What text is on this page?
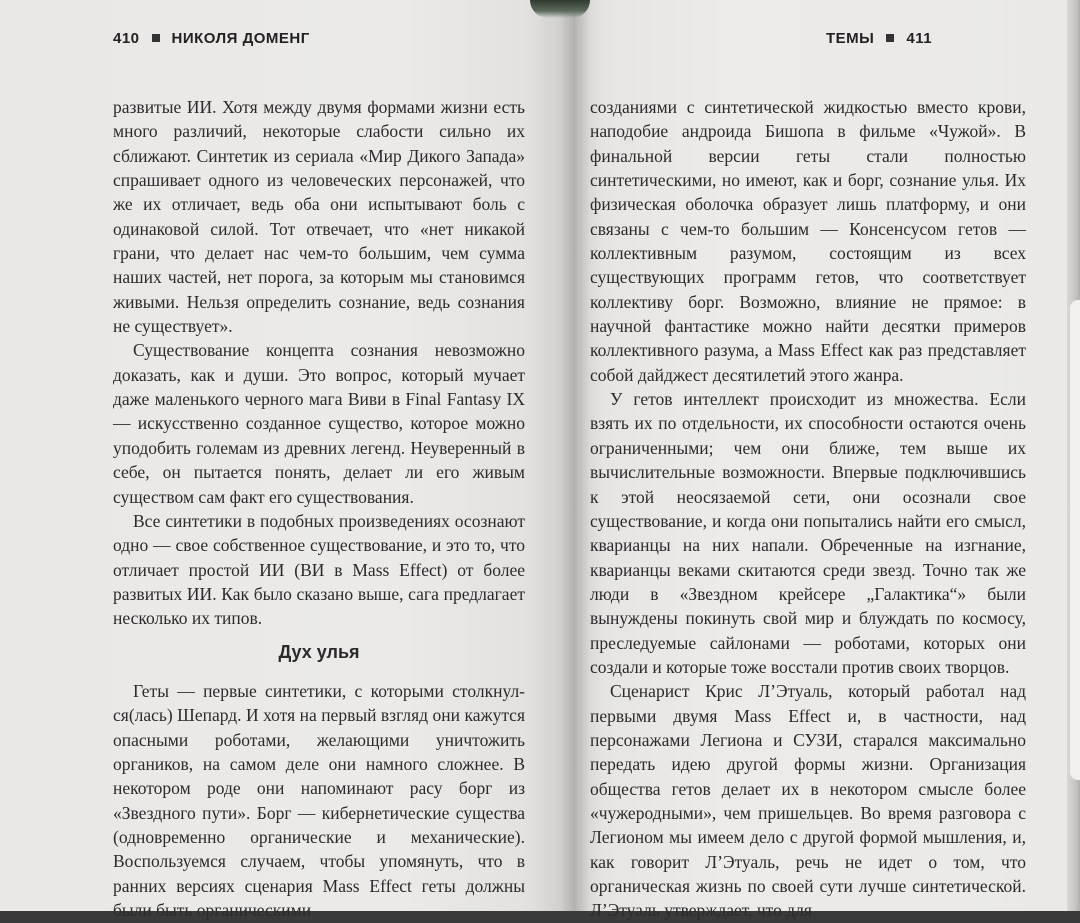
410 НИКОЛЯ ДОМЕНГ

развитые ИИ. Хотя между двумя формами жизни есть много различий, некоторые слабости сильно их сближают. Синтетик из сериала «Мир Дикого Запада» спрашивает одного из человеческих персонажей, что же их отличает, ведь оба они испытывают боль с одинаковой силой. Тот отвечает, что «нет никакой грани, что делает нас чем-то большим, чем сумма наших частей, нет порога, за которым мы становимся живыми. Нельзя определить сознание, ведь сознания не существует».

Существование концепта сознания невозможно доказать, как и души. Это вопрос, который мучает даже маленького черного мага Виви в Final Fantasy IX — искусственно созданное существо, которое можно уподобить големам из древних легенд. Неуверенный в себе, он пытается понять, делает ли его живым существом сам факт его существования.

Все синтетики в подобных произведениях осознают одно — свое собственное существование, и это то, что отличает простой ИИ (ВИ в Mass Effect) от более развитых ИИ. Как было сказано выше, сага предлагает несколько их типов.

Дух улья

Геты — первые синтетики, с которыми столкнул-ся(лась) Шепард. И хотя на первый взгляд они кажутся опасными роботами, желающими уничтожить органиков, на самом деле они намного сложнее. В некотором роде они напоминают расу борг из «Звездного пути». Борг — кибернетические существа (одновременно органические и механические). Воспользуемся случаем, чтобы упомянуть, что в ранних версиях сценария Mass Effect геты должны были быть органическими

ТЕМЫ 411

созданиями с синтетической жидкостью вместо крови, наподобие андроида Бишопа в фильме «Чужой». В финальной версии геты стали полностью синтетическими, но имеют, как и борг, сознание улья. Их физическая оболочка образует лишь платформу, и они связаны с чем-то большим — Консенсусом гетов — коллективным разумом, состоящим из всех существующих программ гетов, что соответствует коллективу борг. Возможно, влияние не прямое: в научной фантастике можно найти десятки примеров коллективного разума, а Mass Effect как раз представляет собой дайджест десятилетий этого жанра.

У гетов интеллект происходит из множества. Если взять их по отдельности, их способности остаются очень ограниченными; чем они ближе, тем выше их вычислительные возможности. Впервые подключившись к этой неосязаемой сети, они осознали свое существование, и когда они попытались найти его смысл, кварианцы на них напали. Обреченные на изгнание, кварианцы веками скитаются среди звезд. Точно так же люди в «Звездном крейсере „Галактика“» были вынуждены покинуть свой мир и блуждать по космосу, преследуемые сайлонами — роботами, которых они создали и которые тоже восстали против своих творцов.

Сценарист Крис Л’Этуаль, который работал над первыми двумя Mass Effect и, в частности, над персонажами Легиона и СУЗИ, старался максимально передать идею другой формы жизни. Организация общества гетов делает их в некотором смысле более «чужеродными», чем пришельцев. Во время разговора с Легионом мы имеем дело с другой формой мышления, и, как говорит Л’Этуаль, речь не идет о том, что органическая жизнь по своей сути лучше синтетической. Л’Этуаль утверждает, что для
